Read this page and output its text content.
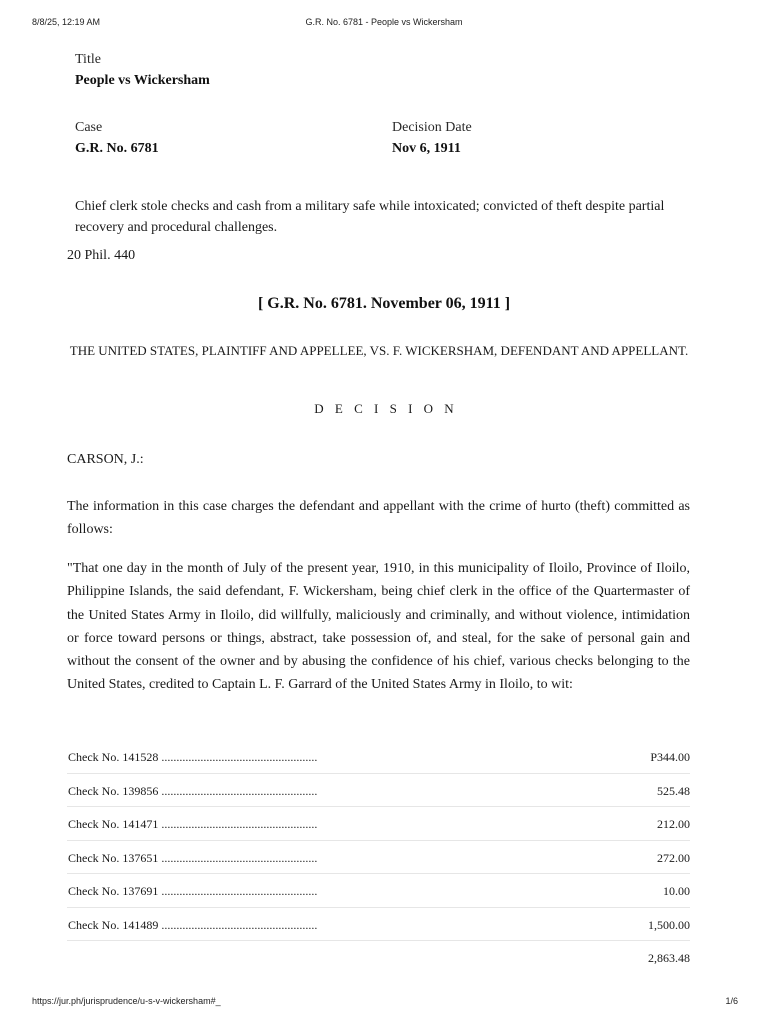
8/8/25, 12:19 AM	G.R. No. 6781 - People vs Wickersham
Title
People vs Wickersham
Case
G.R. No. 6781
Decision Date
Nov 6, 1911

Chief clerk stole checks and cash from a military safe while intoxicated; convicted of theft despite partial recovery and procedural challenges.

20 Phil. 440
[ G.R. No. 6781. November 06, 1911 ]

THE UNITED STATES, PLAINTIFF AND APPELLEE, VS. F. WICKERSHAM, DEFENDANT AND APPELLANT.

D E C I S I O N
CARSON, J.:

The information in this case charges the defendant and appellant with the crime of hurto (theft) committed as follows:

"That one day in the month of July of the present year, 1910, in this municipality of Iloilo, Province of Iloilo, Philippine Islands, the said defendant, F. Wickersham, being chief clerk in the office of the Quartermaster of the United States Army in Iloilo, did willfully, maliciously and criminally, and without violence, intimidation or force toward persons or things, abstract, take possession of, and steal, for the sake of personal gain and without the consent of the owner and by abusing the confidence of his chief, various checks belonging to the United States, credited to Captain L. F. Garrard of the United States Army in Iloilo, to wit:

Check No. 141528 ....................................................	P344.00
Check No. 139856 ....................................................	525.48
Check No. 141471 ....................................................	212.00
Check No. 137651 ....................................................	272.00
Check No. 137691 ....................................................	10.00
Check No. 141489 ....................................................	1,500.00
2,863.48
https://jur.ph/jurisprudence/u-s-v-wickersham#_	1/6
